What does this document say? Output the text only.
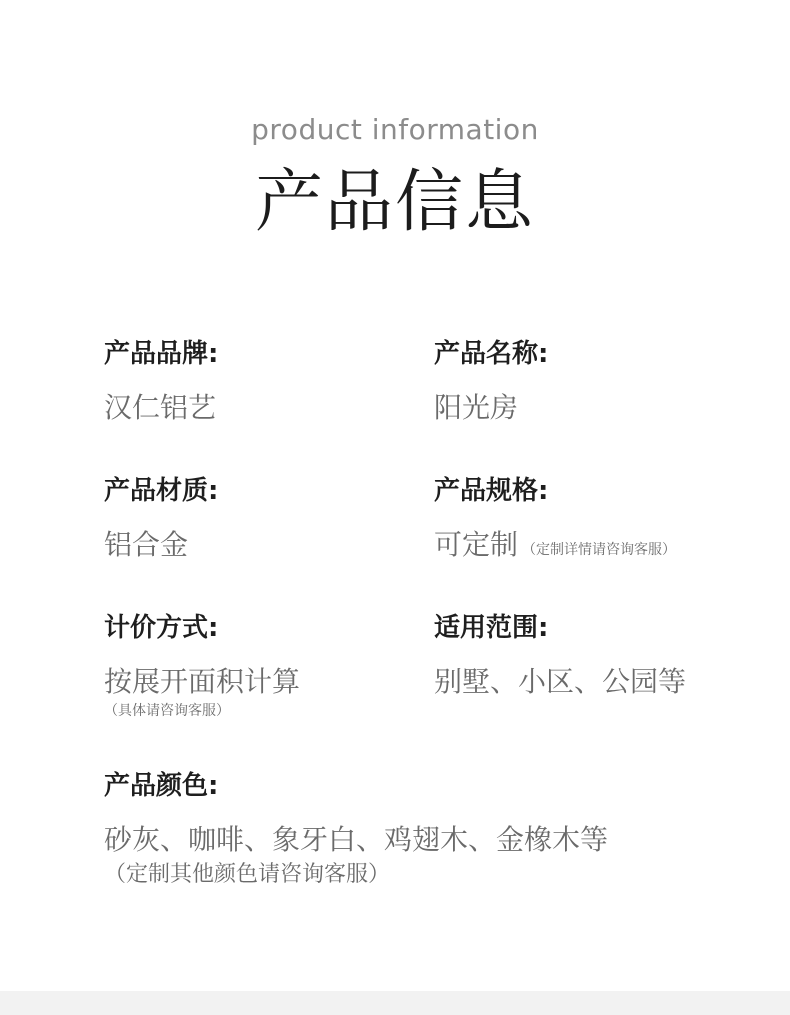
product information
产品信息
产品品牌:
汉仁铝艺
产品名称:
阳光房
产品材质:
铝合金
产品规格:
可定制 （定制详情请咨询客服）
计价方式:
按展开面积计算
（具体请咨询客服）
适用范围:
别墅、小区、公园等
产品颜色:
砂灰、咖啡、象牙白、鸡翅木、金橡木等
（定制其他颜色请咨询客服）
